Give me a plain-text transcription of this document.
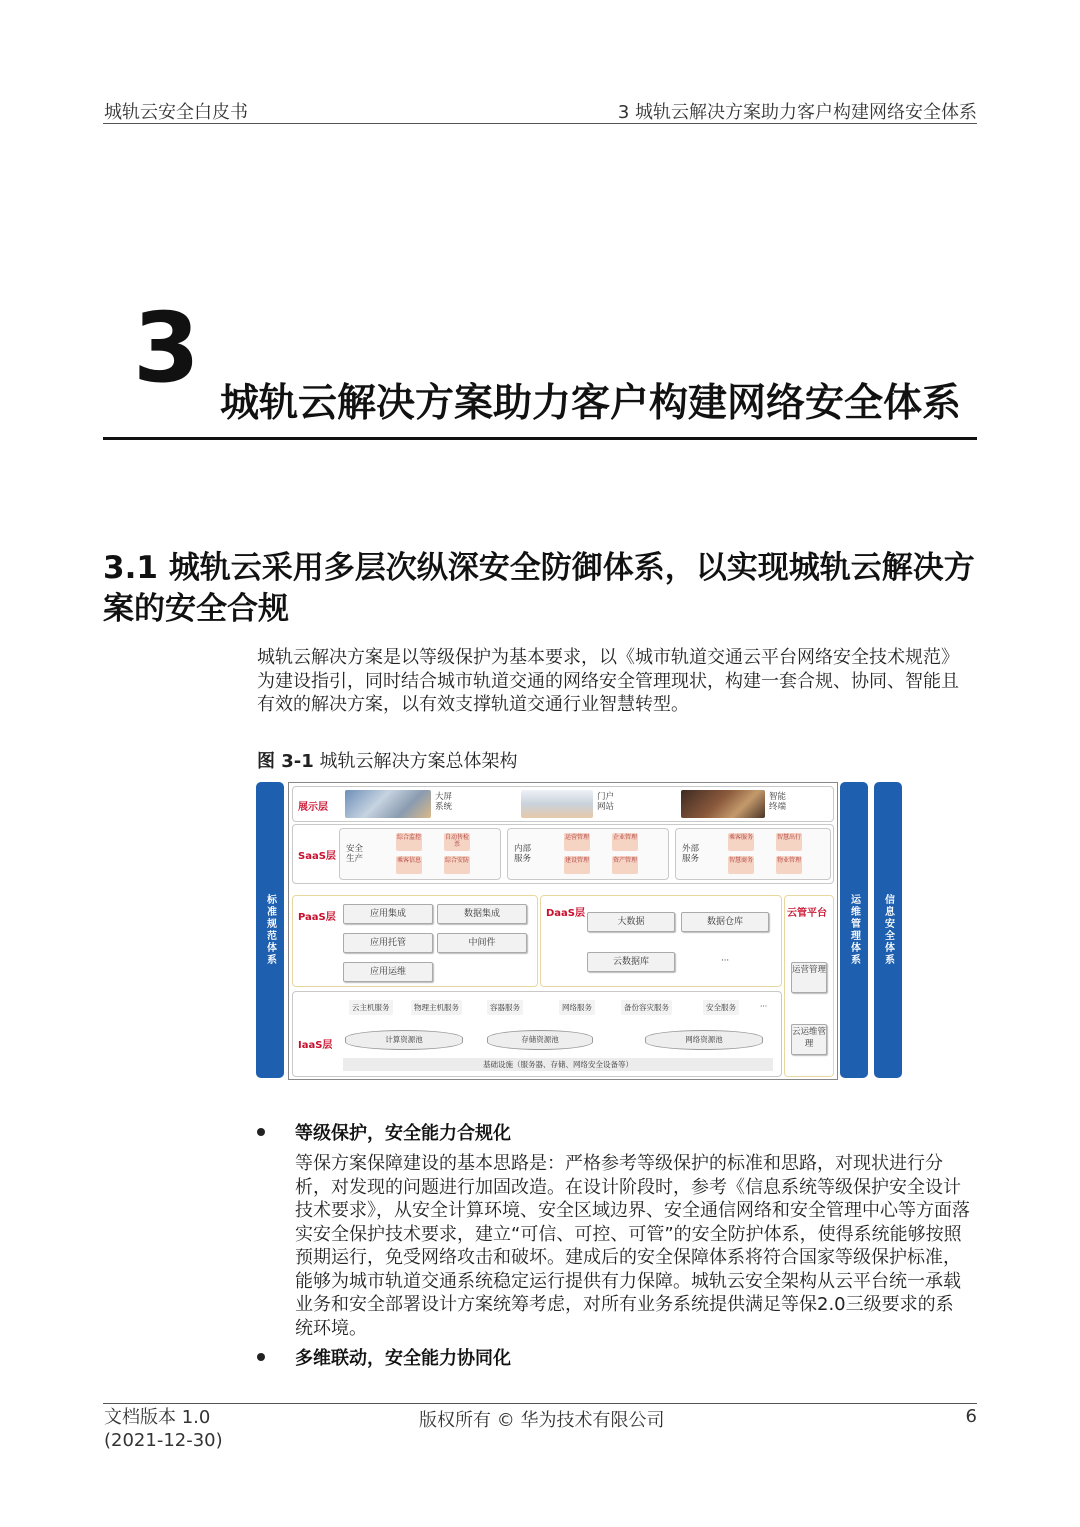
城轨云安全白皮书	3 城轨云解决方案助力客户构建网络安全体系
3 城轨云解决方案助力客户构建网络安全体系
3.1 城轨云采用多层次纵深安全防御体系，以实现城轨云解决方案的安全合规
城轨云解决方案是以等级保护为基本要求，以《城市轨道交通云平台网络安全技术规范》为建设指引，同时结合城市轨道交通的网络安全管理现状，构建一套合规、协同、智能且有效的解决方案，以有效支撑轨道交通行业智慧转型。
图 3-1 城轨云解决方案总体架构
标准规范体系	运维管理体系 信息安全体系
展示层
大屏系统
门户网站
智能终端
SaaS层
安全生产
综合监控	自动售检票
乘客信息	综合安防
内部服务
运营管理	企业管理
建设管理	资产管理
外部服务
乘客服务	智慧出行
智慧商务	物业管理
PaaS层	应用集成	数据集成
应用托管	中间件
应用运维
DaaS层
大数据	数据仓库
云数据库	···
云管平台
运营管理
云运维管理
IaaS层
云主机服务	物理主机服务	容器服务	网络服务	备份容灾服务	安全服务	···
计算资源池	存储资源池	网络资源池
基础设施（服务器、存储、网络安全设备等）
等级保护，安全能力合规化
等保方案保障建设的基本思路是：严格参考等级保护的标准和思路，对现状进行分析，对发现的问题进行加固改造。在设计阶段时，参考《信息系统等级保护安全设计技术要求》，从安全计算环境、安全区域边界、安全通信网络和安全管理中心等方面落实安全保护技术要求，建立“可信、可控、可管”的安全防护体系，使得系统能够按照预期运行，免受网络攻击和破坏。建成后的安全保障体系将符合国家等级保护标准，能够为城市轨道交通系统稳定运行提供有力保障。城轨云安全架构从云平台统一承载业务和安全部署设计方案统筹考虑，对所有业务系统提供满足等保2.0三级要求的系统环境。
多维联动，安全能力协同化
文档版本 1.0
(2021-12-30)
版权所有 © 华为技术有限公司	6
